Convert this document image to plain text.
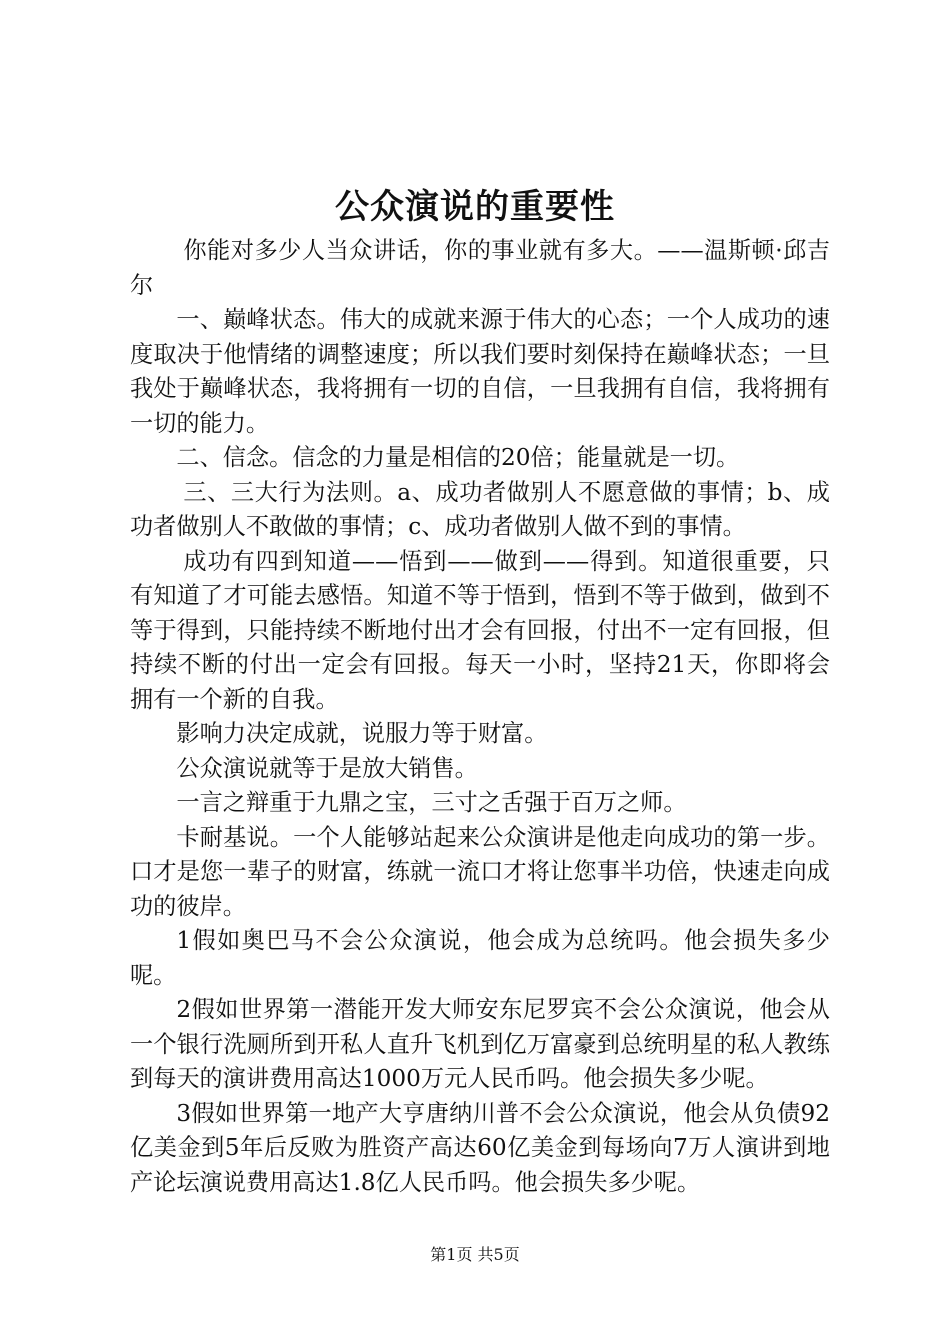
公众演说的重要性

你能对多少人当众讲话，你的事业就有多大。——温斯顿·邱吉尔

一、巅峰状态。伟大的成就来源于伟大的心态；一个人成功的速度取决于他情绪的调整速度；所以我们要时刻保持在巅峰状态；一旦我处于巅峰状态，我将拥有一切的自信，一旦我拥有自信，我将拥有一切的能力。

二、信念。信念的力量是相信的20倍；能量就是一切。

三、三大行为法则。a、成功者做别人不愿意做的事情；b、成功者做别人不敢做的事情；c、成功者做别人做不到的事情。

成功有四到知道——悟到——做到——得到。知道很重要，只有知道了才可能去感悟。知道不等于悟到，悟到不等于做到，做到不等于得到，只能持续不断地付出才会有回报，付出不一定有回报，但持续不断的付出一定会有回报。每天一小时，坚持21天，你即将会拥有一个新的自我。

影响力决定成就，说服力等于财富。

公众演说就等于是放大销售。

一言之辩重于九鼎之宝，三寸之舌强于百万之师。

卡耐基说。一个人能够站起来公众演讲是他走向成功的第一步。口才是您一辈子的财富，练就一流口才将让您事半功倍，快速走向成功的彼岸。

1假如奥巴马不会公众演说，他会成为总统吗。他会损失多少呢。

2假如世界第一潜能开发大师安东尼罗宾不会公众演说，他会从一个银行洗厕所到开私人直升飞机到亿万富豪到总统明星的私人教练到每天的演讲费用高达1000万元人民币吗。他会损失多少呢。

3假如世界第一地产大亨唐纳川普不会公众演说，他会从负债92亿美金到5年后反败为胜资产高达60亿美金到每场向7万人演讲到地产论坛演说费用高达1.8亿人民币吗。他会损失多少呢。

第1页 共5页
